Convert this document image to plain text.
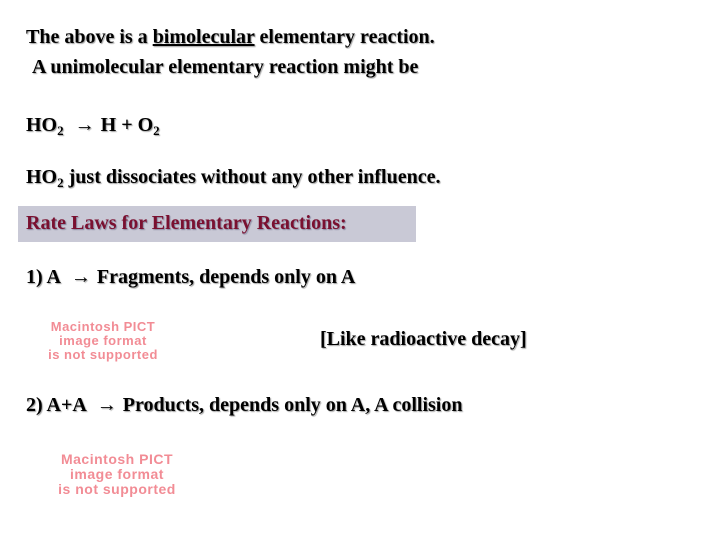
The above is a bimolecular elementary reaction.
A unimolecular elementary reaction might be
$HO_2 \to H + O_2$
$HO_2$ just dissociates without any other influence.
Rate Laws for Elementary Reactions:
1) A → Fragments, depends only on A
Macintosh PICT
image format
is not supported
[Like radioactive decay]
2) A+A → Products, depends only on A, A collision
Macintosh PICT
image format
is not supported
